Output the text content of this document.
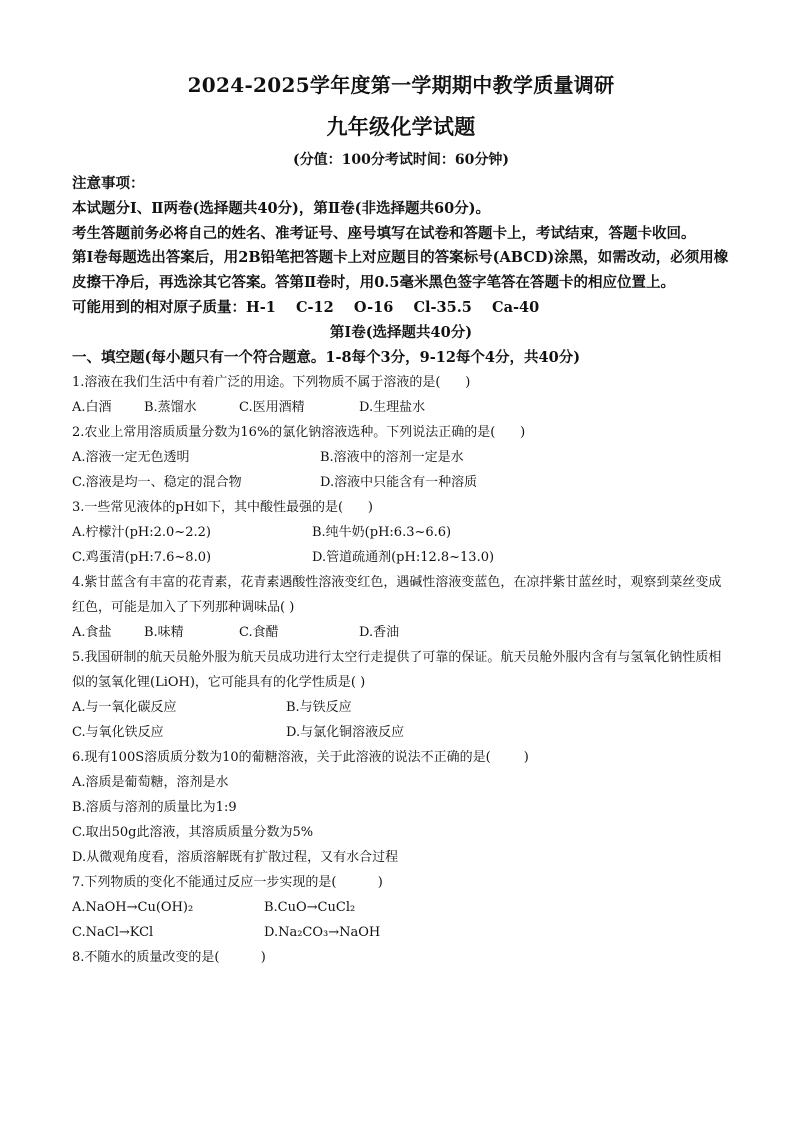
2024-2025学年度第一学期期中教学质量调研
九年级化学试题
(分值：100分考试时间：60分钟)

注意事项：

本试题分Ⅰ、Ⅱ两卷(选择题共40分)，第Ⅱ卷(非选择题共60分)。

考生答题前务必将自己的姓名、准考证号、座号填写在试卷和答题卡上，考试结束，答题卡收回。

第Ⅰ卷每题选出答案后，用2B铅笔把答题卡上对应题目的答案标号(ABCD)涂黑，如需改动，必须用橡皮擦干净后，再选涂其它答案。答第Ⅱ卷时，用0.5毫米黑色签字笔答在答题卡的相应位置上。

可能用到的相对原子质量：H-1    C-12    O-16    Cl-35.5    Ca-40

第Ⅰ卷(选择题共40分)

一、填空题(每小题只有一个符合题意。1-8每个3分，9-12每个4分，共40分)

1.溶液在我们生活中有着广泛的用途。下列物质不属于溶液的是(      )

A.白酒	B.蒸馏水	C.医用酒精	D.生理盐水

2.农业上常用溶质质量分数为16%的氯化钠溶液选种。下列说法正确的是(      )

A.溶液一定无色透明	B.溶液中的溶剂一定是水
C.溶液是均一、稳定的混合物	D.溶液中只能含有一种溶质

3.一些常见液体的pH如下，其中酸性最强的是(      )

A.柠檬汁(pH:2.0~2.2)	B.纯牛奶(pH:6.3~6.6)
C.鸡蛋清(pH:7.6~8.0)	D.管道疏通剂(pH:12.8~13.0)

4.紫甘蓝含有丰富的花青素，花青素遇酸性溶液变红色，遇碱性溶液变蓝色，在凉拌紫甘蓝丝时，观察到菜丝变成红色，可能是加入了下列那种调味品( )

A.食盐	B.味精	C.食醋	D.香油

5.我国研制的航天员舱外服为航天员成功进行太空行走提供了可靠的保证。航天员舱外服内含有与氢氧化钠性质相似的氢氧化锂(LiOH)，它可能具有的化学性质是( )

A.与一氧化碳反应	B.与铁反应
C.与氧化铁反应	D.与氯化铜溶液反应

6.现有100S溶质质分数为10的葡糖溶液，关于此溶液的说法不正确的是(        )

A.溶质是葡萄糖，溶剂是水
B.溶质与溶剂的质量比为1:9
C.取出50g此溶液，其溶质质量分数为5%
D.从微观角度看，溶质溶解既有扩散过程，又有水合过程

7.下列物质的变化不能通过反应一步实现的是(          )

A.NaOH→Cu(OH)₂	B.CuO→CuCl₂
C.NaCl→KCl	D.Na₂CO₃→NaOH

8.不随水的质量改变的是(          )
